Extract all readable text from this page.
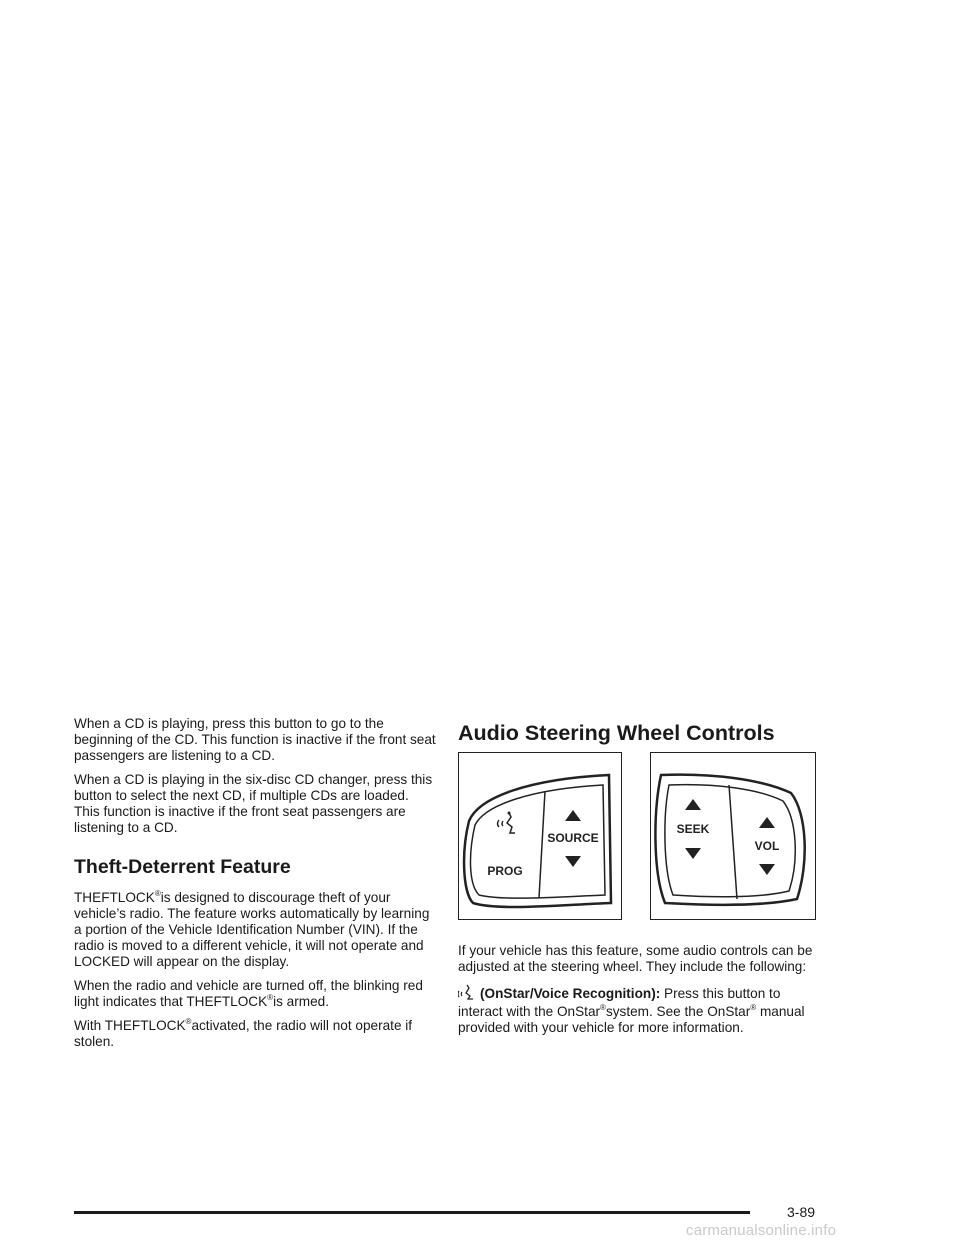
When a CD is playing, press this button to go to the beginning of the CD. This function is inactive if the front seat passengers are listening to a CD.

When a CD is playing in the six-disc CD changer, press this button to select the next CD, if multiple CDs are loaded. This function is inactive if the front seat passengers are listening to a CD.

Theft-Deterrent Feature

THEFTLOCK®is designed to discourage theft of your vehicle’s radio. The feature works automatically by learning a portion of the Vehicle Identification Number (VIN). If the radio is moved to a different vehicle, it will not operate and LOCKED will appear on the display.

When the radio and vehicle are turned off, the blinking red light indicates that THEFTLOCK®is armed.

With THEFTLOCK®activated, the radio will not operate if stolen.

Audio Steering Wheel Controls
SOURCE
PROG
SEEK
VOL

If your vehicle has this feature, some audio controls can be adjusted at the steering wheel. They include the following:

(OnStar/Voice Recognition): Press this button to interact with the OnStar®system. See the OnStar® manual provided with your vehicle for more information.

3-89
carmanualsonline.info
